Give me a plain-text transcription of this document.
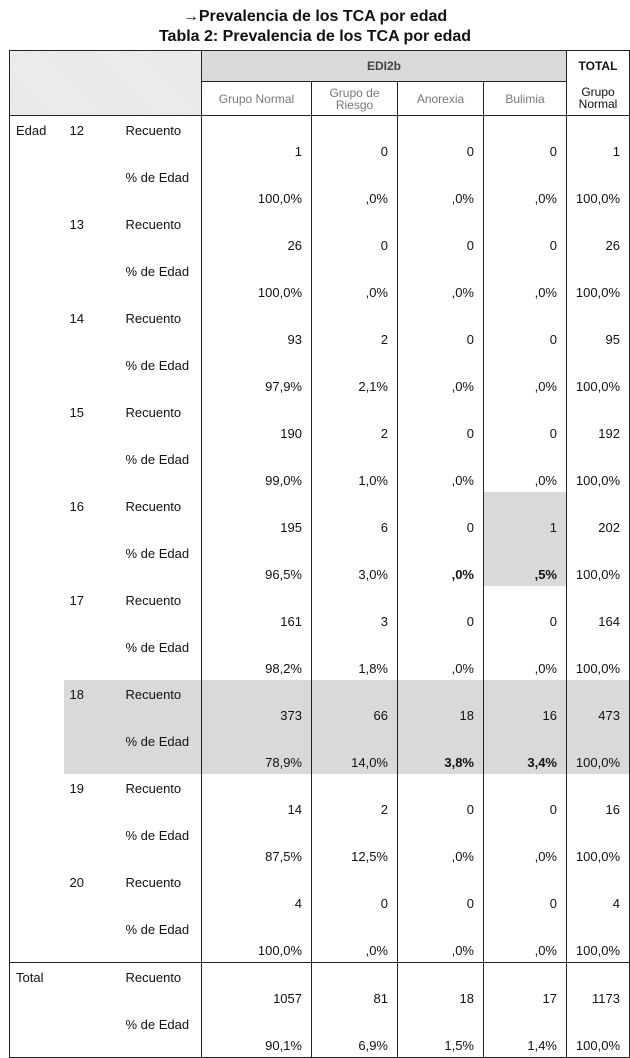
→Prevalencia de los TCA por edad
Tabla 2: Prevalencia de los TCA por edad
			EDI2b				TOTAL
			Grupo Normal	Grupo de Riesgo	Anorexia	Bulimia	Grupo Normal
Edad	12	Recuento	1	0	0	0	1
		% de Edad	100,0%	,0%	,0%	,0%	100,0%
	13	Recuento	26	0	0	0	26
		% de Edad	100,0%	,0%	,0%	,0%	100,0%
	14	Recuento	93	2	0	0	95
		% de Edad	97,9%	2,1%	,0%	,0%	100,0%
	15	Recuento	190	2	0	0	192
		% de Edad	99,0%	1,0%	,0%	,0%	100,0%
	16	Recuento	195	6	0	1	202
		% de Edad	96,5%	3,0%	,0%	,5%	100,0%
	17	Recuento	161	3	0	0	164
		% de Edad	98,2%	1,8%	,0%	,0%	100,0%
	18	Recuento	373	66	18	16	473
		% de Edad	78,9%	14,0%	3,8%	3,4%	100,0%
	19	Recuento	14	2	0	0	16
		% de Edad	87,5%	12,5%	,0%	,0%	100,0%
	20	Recuento	4	0	0	0	4
		% de Edad	100,0%	,0%	,0%	,0%	100,0%
Total		Recuento	1057	81	18	17	1173
		% de Edad	90,1%	6,9%	1,5%	1,4%	100,0%
